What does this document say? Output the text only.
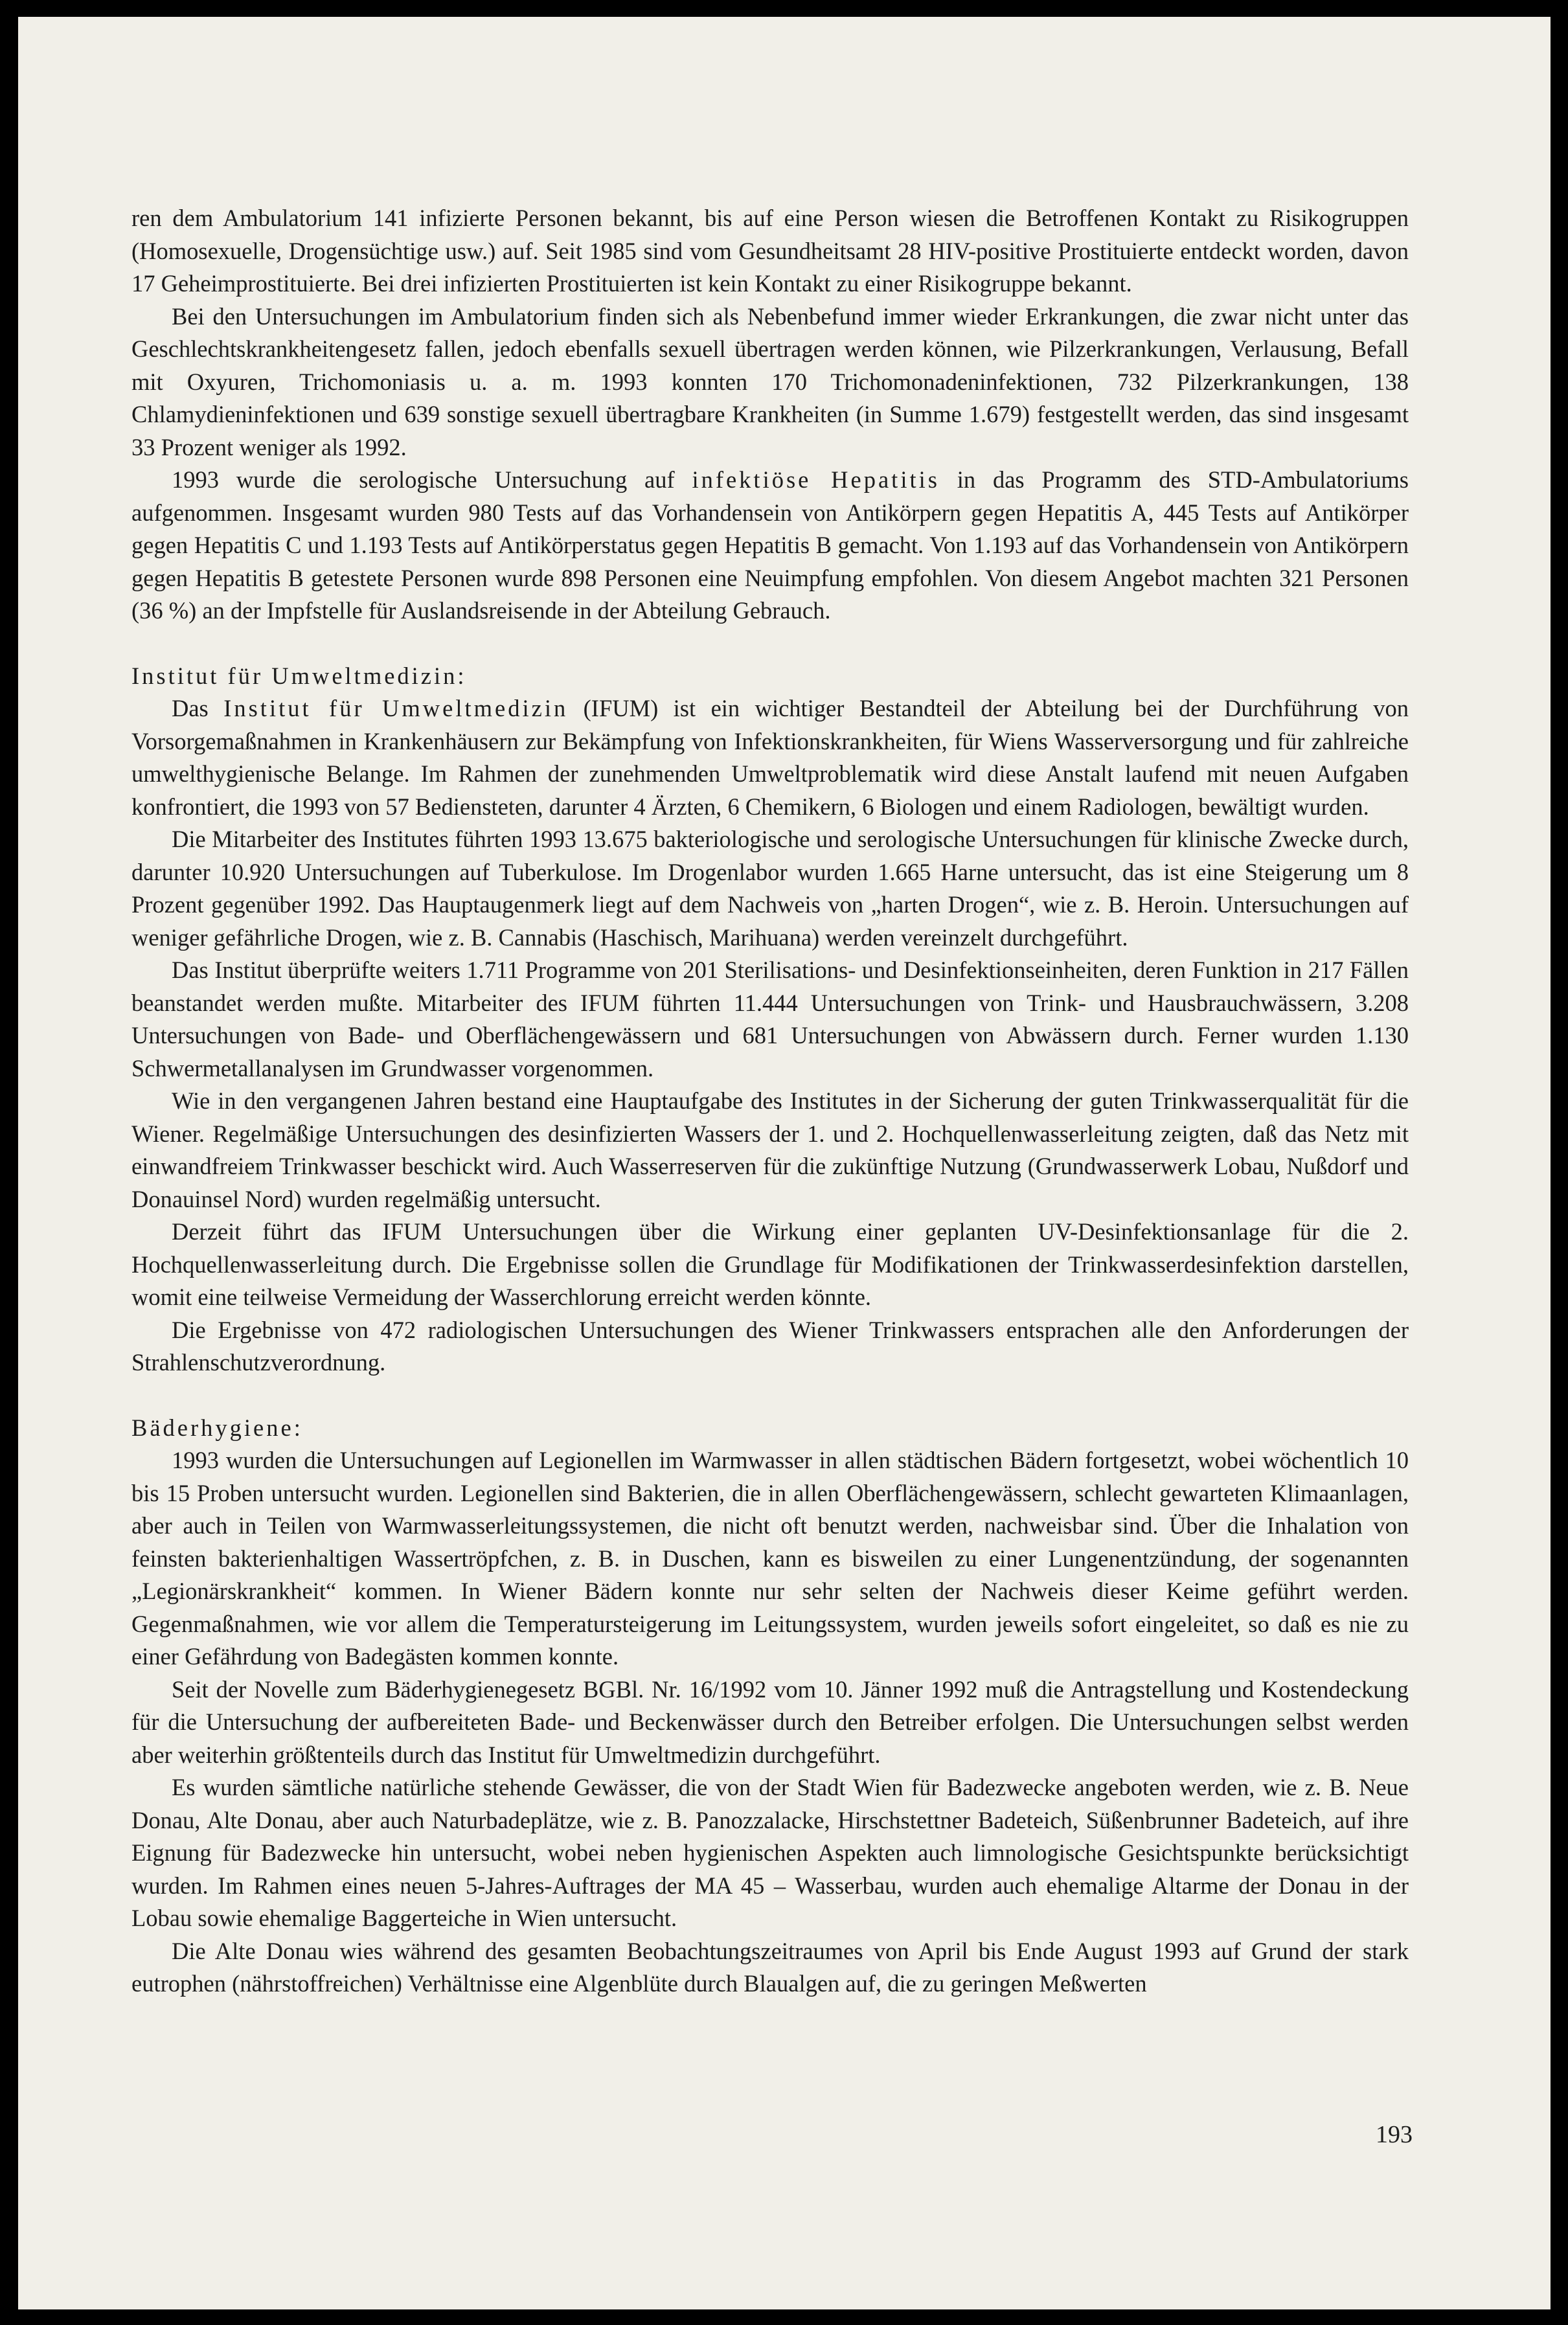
ren dem Ambulatorium 141 infizierte Personen bekannt, bis auf eine Person wiesen die Betroffenen Kontakt zu Risikogruppen (Homosexuelle, Drogensüchtige usw.) auf. Seit 1985 sind vom Gesundheitsamt 28 HIV-positive Prostituierte entdeckt worden, davon 17 Geheimprostituierte. Bei drei infizierten Prostituierten ist kein Kontakt zu einer Risikogruppe bekannt.

Bei den Untersuchungen im Ambulatorium finden sich als Nebenbefund immer wieder Erkrankungen, die zwar nicht unter das Geschlechtskrankheitengesetz fallen, jedoch ebenfalls sexuell übertragen werden können, wie Pilzerkrankungen, Verlausung, Befall mit Oxyuren, Trichomoniasis u. a. m. 1993 konnten 170 Trichomonadeninfektionen, 732 Pilzerkrankungen, 138 Chlamydieninfektionen und 639 sonstige sexuell übertragbare Krankheiten (in Summe 1.679) festgestellt werden, das sind insgesamt 33 Prozent weniger als 1992.

1993 wurde die serologische Untersuchung auf infektiöse Hepatitis in das Programm des STD-Ambulatoriums aufgenommen. Insgesamt wurden 980 Tests auf das Vorhandensein von Antikörpern gegen Hepatitis A, 445 Tests auf Antikörper gegen Hepatitis C und 1.193 Tests auf Antikörperstatus gegen Hepatitis B gemacht. Von 1.193 auf das Vorhandensein von Antikörpern gegen Hepatitis B getestete Personen wurde 898 Personen eine Neuimpfung empfohlen. Von diesem Angebot machten 321 Personen (36 %) an der Impfstelle für Auslandsreisende in der Abteilung Gebrauch.

Institut für Umweltmedizin:

Das Institut für Umweltmedizin (IFUM) ist ein wichtiger Bestandteil der Abteilung bei der Durchführung von Vorsorgemaßnahmen in Krankenhäusern zur Bekämpfung von Infektionskrankheiten, für Wiens Wasserversorgung und für zahlreiche umwelthygienische Belange. Im Rahmen der zunehmenden Umweltproblematik wird diese Anstalt laufend mit neuen Aufgaben konfrontiert, die 1993 von 57 Bediensteten, darunter 4 Ärzten, 6 Chemikern, 6 Biologen und einem Radiologen, bewältigt wurden.

Die Mitarbeiter des Institutes führten 1993 13.675 bakteriologische und serologische Untersuchungen für klinische Zwecke durch, darunter 10.920 Untersuchungen auf Tuberkulose. Im Drogenlabor wurden 1.665 Harne untersucht, das ist eine Steigerung um 8 Prozent gegenüber 1992. Das Hauptaugenmerk liegt auf dem Nachweis von „harten Drogen“, wie z. B. Heroin. Untersuchungen auf weniger gefährliche Drogen, wie z. B. Cannabis (Haschisch, Marihuana) werden vereinzelt durchgeführt.

Das Institut überprüfte weiters 1.711 Programme von 201 Sterilisations- und Desinfektionseinheiten, deren Funktion in 217 Fällen beanstandet werden mußte. Mitarbeiter des IFUM führten 11.444 Untersuchungen von Trink- und Hausbrauchwässern, 3.208 Untersuchungen von Bade- und Oberflächengewässern und 681 Untersuchungen von Abwässern durch. Ferner wurden 1.130 Schwermetallanalysen im Grundwasser vorgenommen.

Wie in den vergangenen Jahren bestand eine Hauptaufgabe des Institutes in der Sicherung der guten Trinkwasserqualität für die Wiener. Regelmäßige Untersuchungen des desinfizierten Wassers der 1. und 2. Hochquellenwasserleitung zeigten, daß das Netz mit einwandfreiem Trinkwasser beschickt wird. Auch Wasserreserven für die zukünftige Nutzung (Grundwasserwerk Lobau, Nußdorf und Donauinsel Nord) wurden regelmäßig untersucht.

Derzeit führt das IFUM Untersuchungen über die Wirkung einer geplanten UV-Desinfektionsanlage für die 2. Hochquellenwasserleitung durch. Die Ergebnisse sollen die Grundlage für Modifikationen der Trinkwasserdesinfektion darstellen, womit eine teilweise Vermeidung der Wasserchlorung erreicht werden könnte.

Die Ergebnisse von 472 radiologischen Untersuchungen des Wiener Trinkwassers entsprachen alle den Anforderungen der Strahlenschutzverordnung.

Bäderhygiene:

1993 wurden die Untersuchungen auf Legionellen im Warmwasser in allen städtischen Bädern fortgesetzt, wobei wöchentlich 10 bis 15 Proben untersucht wurden. Legionellen sind Bakterien, die in allen Oberflächengewässern, schlecht gewarteten Klimaanlagen, aber auch in Teilen von Warmwasserleitungssystemen, die nicht oft benutzt werden, nachweisbar sind. Über die Inhalation von feinsten bakterienhaltigen Wassertröpfchen, z. B. in Duschen, kann es bisweilen zu einer Lungenentzündung, der sogenannten „Legionärskrankheit“ kommen. In Wiener Bädern konnte nur sehr selten der Nachweis dieser Keime geführt werden. Gegenmaßnahmen, wie vor allem die Temperatursteigerung im Leitungssystem, wurden jeweils sofort eingeleitet, so daß es nie zu einer Gefährdung von Badegästen kommen konnte.

Seit der Novelle zum Bäderhygienegesetz BGBl. Nr. 16/1992 vom 10. Jänner 1992 muß die Antragstellung und Kostendeckung für die Untersuchung der aufbereiteten Bade- und Beckenwässer durch den Betreiber erfolgen. Die Untersuchungen selbst werden aber weiterhin größtenteils durch das Institut für Umweltmedizin durchgeführt.

Es wurden sämtliche natürliche stehende Gewässer, die von der Stadt Wien für Badezwecke angeboten werden, wie z. B. Neue Donau, Alte Donau, aber auch Naturbadeplätze, wie z. B. Panozzalacke, Hirschstettner Badeteich, Süßenbrunner Badeteich, auf ihre Eignung für Badezwecke hin untersucht, wobei neben hygienischen Aspekten auch limnologische Gesichtspunkte berücksichtigt wurden. Im Rahmen eines neuen 5-Jahres-Auftrages der MA 45 – Wasserbau, wurden auch ehemalige Altarme der Donau in der Lobau sowie ehemalige Baggerteiche in Wien untersucht.

Die Alte Donau wies während des gesamten Beobachtungszeitraumes von April bis Ende August 1993 auf Grund der stark eutrophen (nährstoffreichen) Verhältnisse eine Algenblüte durch Blaualgen auf, die zu geringen Meßwerten

193
